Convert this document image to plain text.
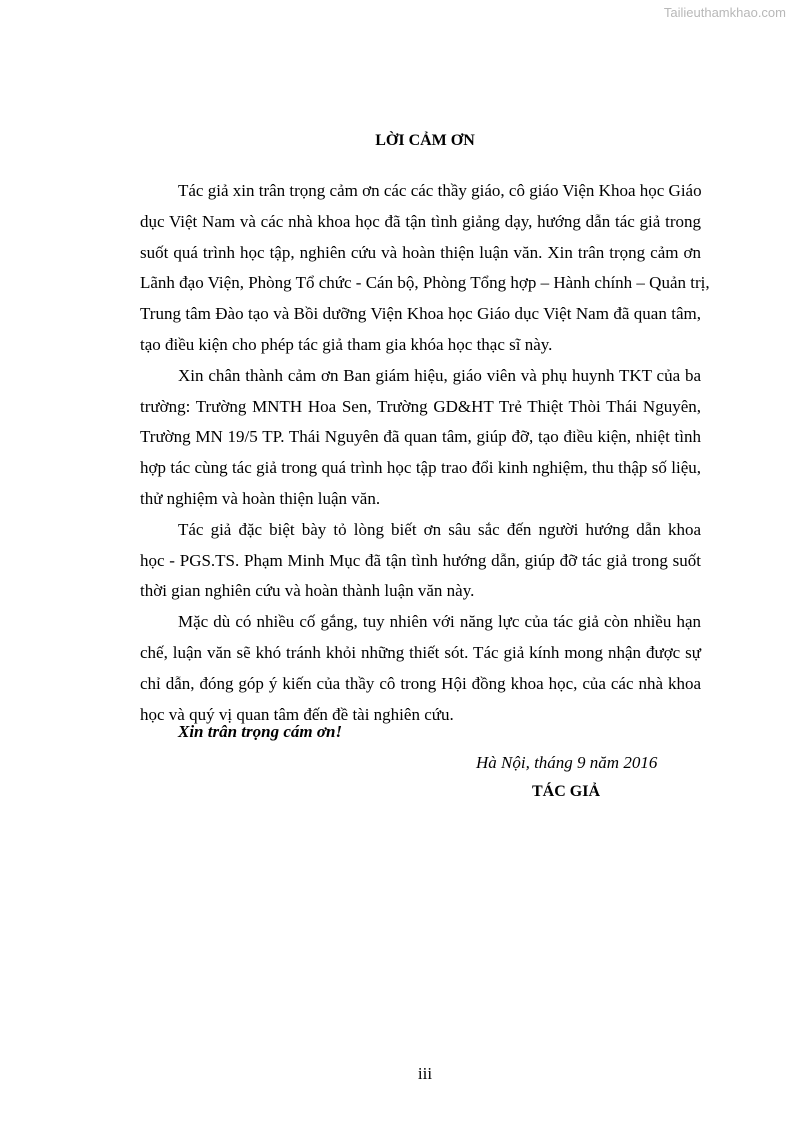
Tailieuthamkhao.com
LỜI CẢM ƠN
Tác giả xin trân trọng cảm ơn các các thầy giáo, cô giáo Viện Khoa học Giáo
dục Việt Nam và các nhà khoa học đã tận tình giảng dạy, hướng dẫn tác giả trong
suốt quá trình học tập, nghiên cứu và hoàn thiện luận văn. Xin trân trọng cảm ơn
Lãnh đạo Viện, Phòng Tổ chức - Cán bộ, Phòng Tổng hợp – Hành chính – Quản trị,
Trung tâm Đào tạo và Bồi dưỡng Viện Khoa học Giáo dục Việt Nam đã quan tâm,
tạo điều kiện cho phép tác giả tham gia khóa học thạc sĩ này.
Xin chân thành cảm ơn Ban giám hiệu, giáo viên và phụ huynh TKT của ba
trường: Trường MNTH Hoa Sen, Trường GD&HT Trẻ Thiệt Thòi Thái Nguyên,
Trường MN 19/5 TP. Thái Nguyên đã quan tâm, giúp đỡ, tạo điều kiện, nhiệt tình
hợp tác cùng tác giả trong quá trình học tập trao đổi kinh nghiệm, thu thập số liệu,
thử nghiệm và hoàn thiện luận văn.
Tác giả đặc biệt bày tỏ lòng biết ơn sâu sắc đến người hướng dẫn khoa
học - PGS.TS. Phạm Minh Mục đã tận tình hướng dẫn, giúp đỡ tác giả trong suốt
thời gian nghiên cứu và hoàn thành luận văn này.
Mặc dù có nhiều cố gắng, tuy nhiên với năng lực của tác giả còn nhiều hạn
chế, luận văn sẽ khó tránh khỏi những thiết sót. Tác giả kính mong nhận được sự
chỉ dẫn, đóng góp ý kiến của thầy cô trong Hội đồng khoa học, của các nhà khoa
học và quý vị quan tâm đến đề tài nghiên cứu.
Xin trân trọng cám ơn!
Hà Nội, tháng 9 năm 2016
TÁC GIẢ
iii
